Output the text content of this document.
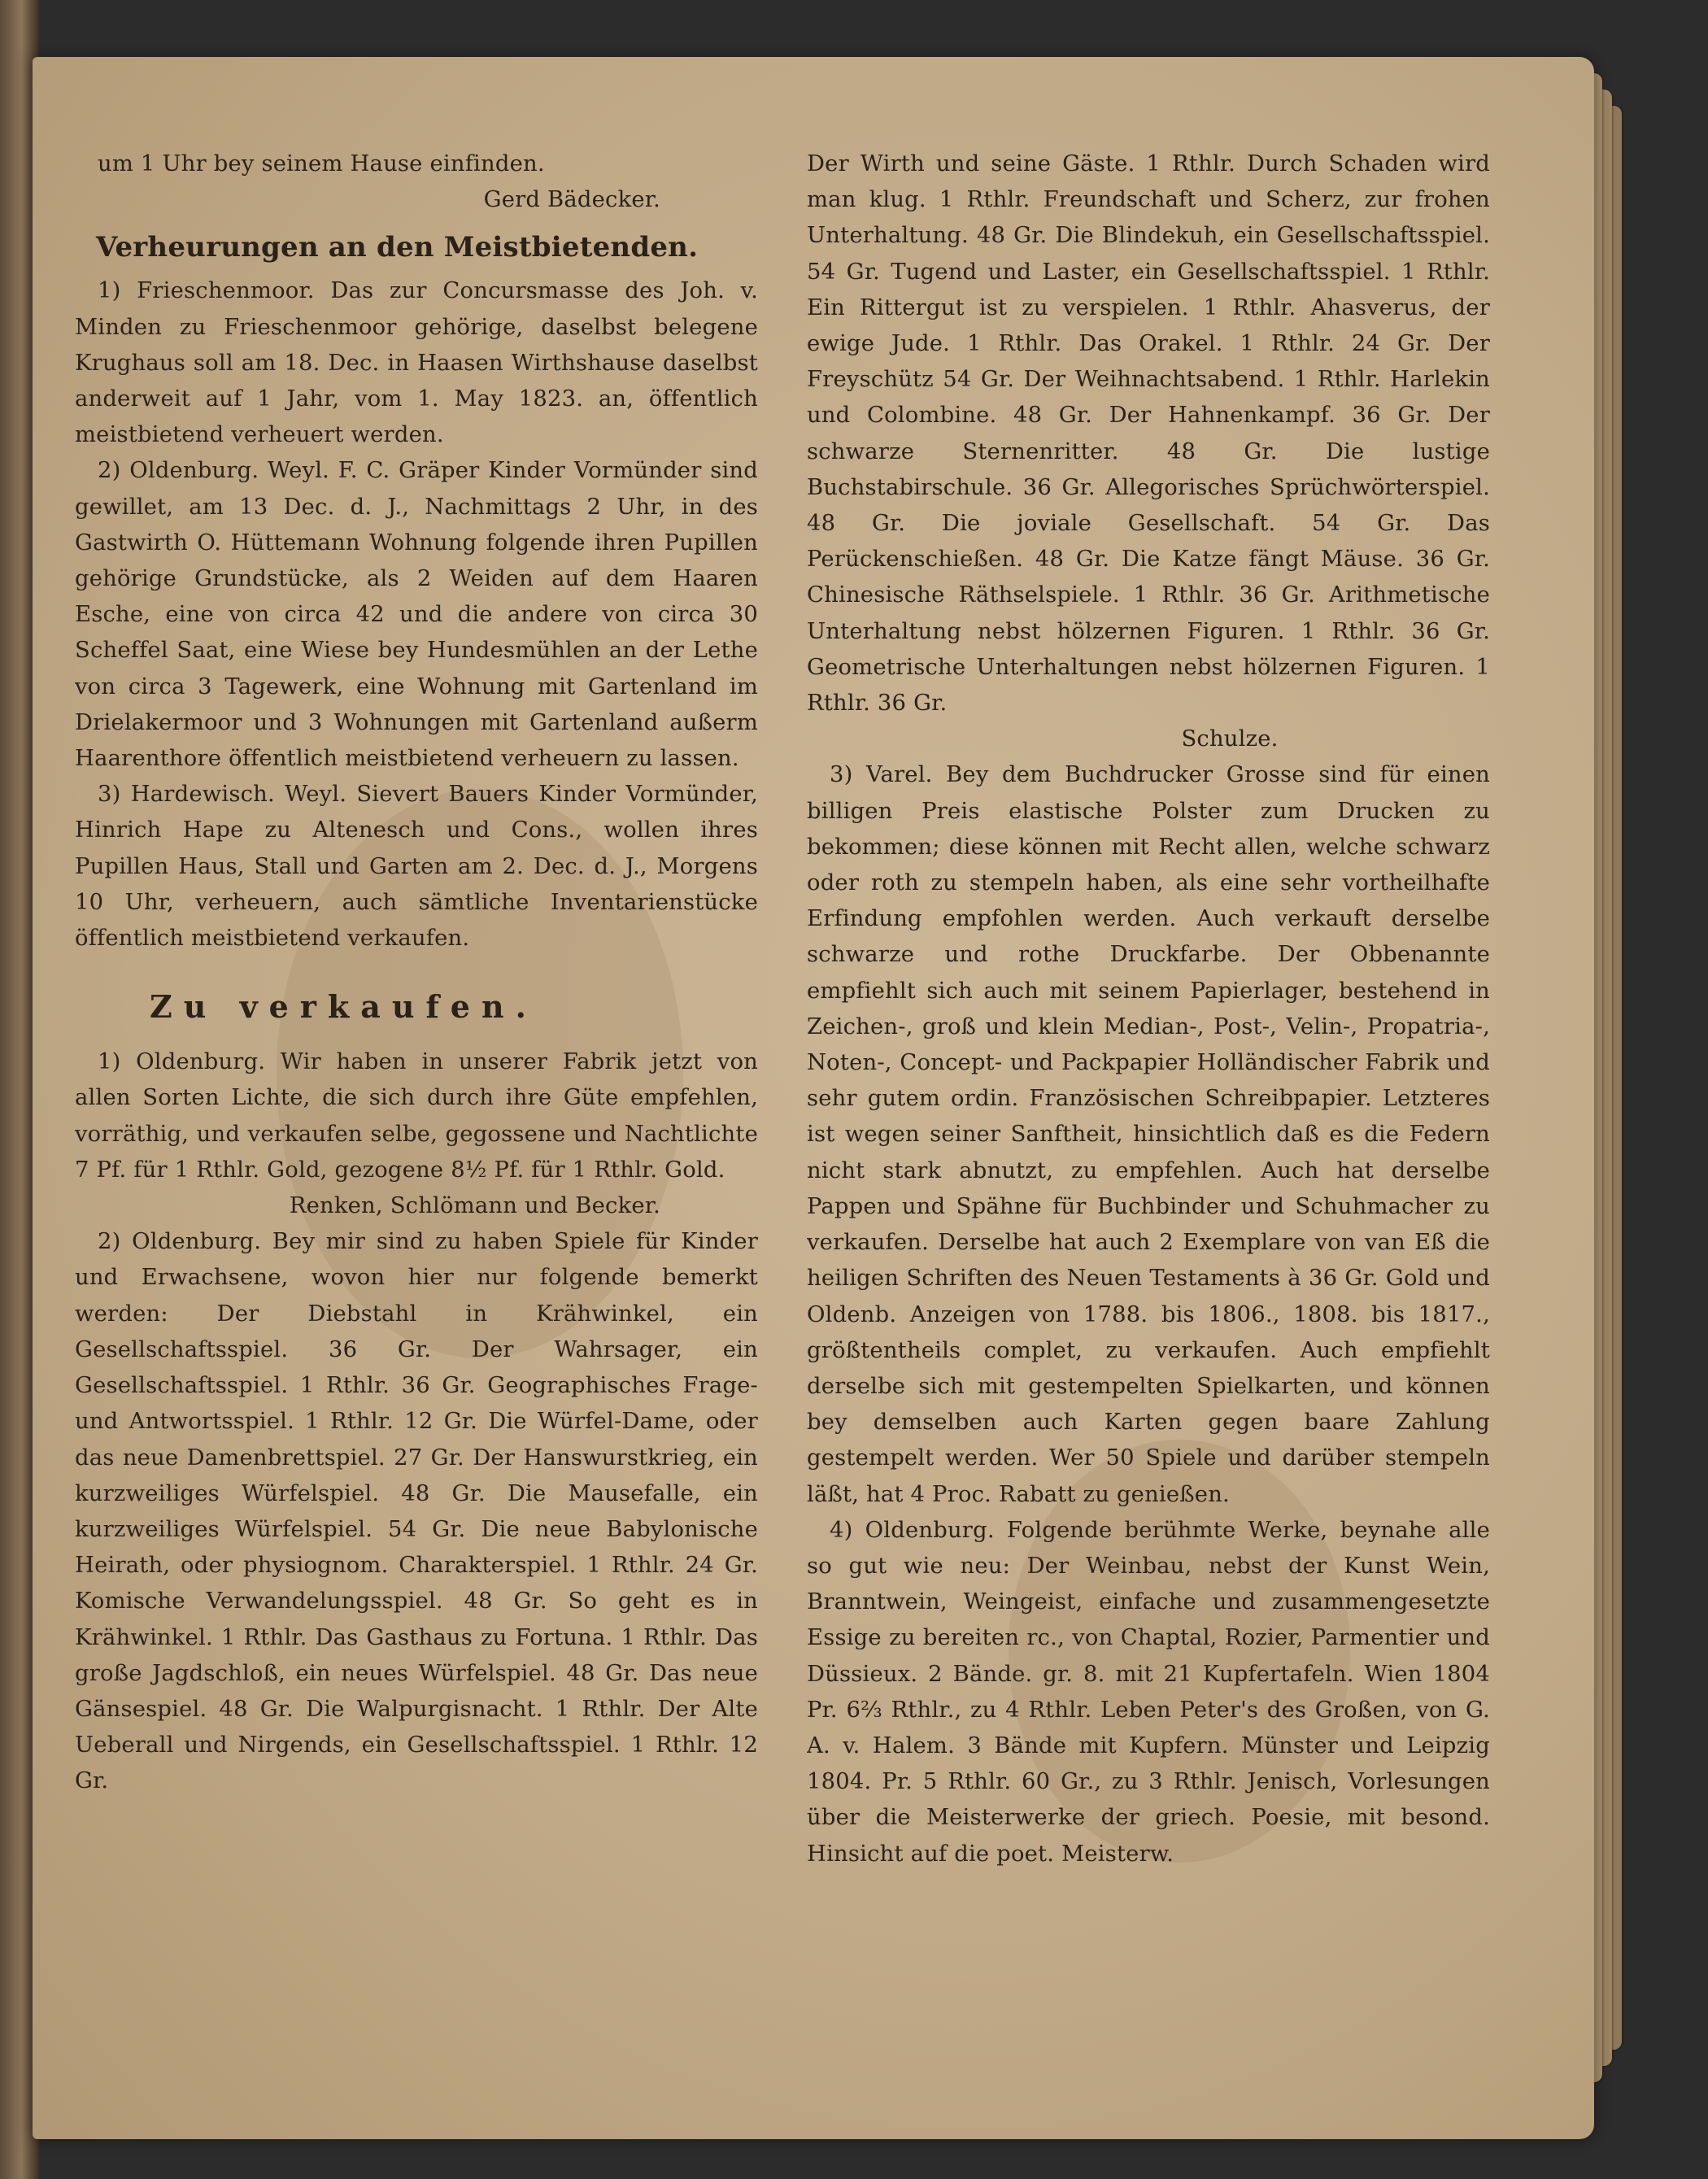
um 1 Uhr bey seinem Hause einfinden.

Gerd Bädecker.

Verheurungen an den Meistbietenden.

1) Frieschenmoor. Das zur Concursmasse des Joh. v. Minden zu Frieschenmoor gehörige, daselbst belegene Krughaus soll am 18. Dec. in Haasen Wirthshause daselbst anderweit auf 1 Jahr, vom 1. May 1823. an, öffentlich meistbietend verheuert werden.

2) Oldenburg. Weyl. F. C. Gräper Kinder Vormünder sind gewillet, am 13 Dec. d. J., Nachmittags 2 Uhr, in des Gastwirth O. Hüttemann Wohnung folgende ihren Pupillen gehörige Grundstücke, als 2 Weiden auf dem Haaren Esche, eine von circa 42 und die andere von circa 30 Scheffel Saat, eine Wiese bey Hundesmühlen an der Lethe von circa 3 Tagewerk, eine Wohnung mit Gartenland im Drielakermoor und 3 Wohnungen mit Gartenland außerm Haarenthore öffentlich meistbietend verheuern zu lassen.

3) Hardewisch. Weyl. Sievert Bauers Kinder Vormünder, Hinrich Hape zu Altenesch und Cons., wollen ihres Pupillen Haus, Stall und Garten am 2. Dec. d. J., Morgens 10 Uhr, verheuern, auch sämtliche Inventarienstücke öffentlich meistbietend verkaufen.

Zu verkaufen.

1) Oldenburg. Wir haben in unserer Fabrik jetzt von allen Sorten Lichte, die sich durch ihre Güte empfehlen, vorräthig, und verkaufen selbe, gegossene und Nachtlichte 7 Pf. für 1 Rthlr. Gold, gezogene 8½ Pf. für 1 Rthlr. Gold.

Renken, Schlömann und Becker.

2) Oldenburg. Bey mir sind zu haben Spiele für Kinder und Erwachsene, wovon hier nur folgende bemerkt werden: Der Diebstahl in Krähwinkel, ein Gesellschaftsspiel. 36 Gr. Der Wahrsager, ein Gesellschaftsspiel. 1 Rthlr. 36 Gr. Geographisches Frage- und Antwortsspiel. 1 Rthlr. 12 Gr. Die Würfel-Dame, oder das neue Damenbrettspiel. 27 Gr. Der Hanswurstkrieg, ein kurzweiliges Würfelspiel. 48 Gr. Die Mausefalle, ein kurzweiliges Würfelspiel. 54 Gr. Die neue Babylonische Heirath, oder physiognom. Charakterspiel. 1 Rthlr. 24 Gr. Komische Verwandelungsspiel. 48 Gr. So geht es in Krähwinkel. 1 Rthlr. Das Gasthaus zu Fortuna. 1 Rthlr. Das große Jagdschloß, ein neues Würfelspiel. 48 Gr. Das neue Gänsespiel. 48 Gr. Die Walpurgisnacht. 1 Rthlr. Der Alte Ueberall und Nirgends, ein Gesellschaftsspiel. 1 Rthlr. 12 Gr.

Der Wirth und seine Gäste. 1 Rthlr. Durch Schaden wird man klug. 1 Rthlr. Freundschaft und Scherz, zur frohen Unterhaltung. 48 Gr. Die Blindekuh, ein Gesellschaftsspiel. 54 Gr. Tugend und Laster, ein Gesellschaftsspiel. 1 Rthlr. Ein Rittergut ist zu verspielen. 1 Rthlr. Ahasverus, der ewige Jude. 1 Rthlr. Das Orakel. 1 Rthlr. 24 Gr. Der Freyschütz 54 Gr. Der Weihnachtsabend. 1 Rthlr. Harlekin und Colombine. 48 Gr. Der Hahnenkampf. 36 Gr. Der schwarze Sternenritter. 48 Gr. Die lustige Buchstabirschule. 36 Gr. Allegorisches Sprüchwörterspiel. 48 Gr. Die joviale Gesellschaft. 54 Gr. Das Perückenschießen. 48 Gr. Die Katze fängt Mäuse. 36 Gr. Chinesische Räthselspiele. 1 Rthlr. 36 Gr. Arithmetische Unterhaltung nebst hölzernen Figuren. 1 Rthlr. 36 Gr. Geometrische Unterhaltungen nebst hölzernen Figuren. 1 Rthlr. 36 Gr.

Schulze.

3) Varel. Bey dem Buchdrucker Grosse sind für einen billigen Preis elastische Polster zum Drucken zu bekommen; diese können mit Recht allen, welche schwarz oder roth zu stempeln haben, als eine sehr vortheilhafte Erfindung empfohlen werden. Auch verkauft derselbe schwarze und rothe Druckfarbe. Der Obbenannte empfiehlt sich auch mit seinem Papierlager, bestehend in Zeichen-, groß und klein Median-, Post-, Velin-, Propatria-, Noten-, Concept- und Packpapier Holländischer Fabrik und sehr gutem ordin. Französischen Schreibpapier. Letzteres ist wegen seiner Sanftheit, hinsichtlich daß es die Federn nicht stark abnutzt, zu empfehlen. Auch hat derselbe Pappen und Spähne für Buchbinder und Schuhmacher zu verkaufen. Derselbe hat auch 2 Exemplare von van Eß die heiligen Schriften des Neuen Testaments à 36 Gr. Gold und Oldenb. Anzeigen von 1788. bis 1806., 1808. bis 1817., größtentheils complet, zu verkaufen. Auch empfiehlt derselbe sich mit gestempelten Spielkarten, und können bey demselben auch Karten gegen baare Zahlung gestempelt werden. Wer 50 Spiele und darüber stempeln läßt, hat 4 Proc. Rabatt zu genießen.

4) Oldenburg. Folgende berühmte Werke, beynahe alle so gut wie neu: Der Weinbau, nebst der Kunst Wein, Branntwein, Weingeist, einfache und zusammengesetzte Essige zu bereiten rc., von Chaptal, Rozier, Parmentier und Düssieux. 2 Bände. gr. 8. mit 21 Kupfertafeln. Wien 1804 Pr. 6⅔ Rthlr., zu 4 Rthlr. Leben Peter's des Großen, von G. A. v. Halem. 3 Bände mit Kupfern. Münster und Leipzig 1804. Pr. 5 Rthlr. 60 Gr., zu 3 Rthlr. Jenisch, Vorlesungen über die Meisterwerke der griech. Poesie, mit besond. Hinsicht auf die poet. Meisterw.
